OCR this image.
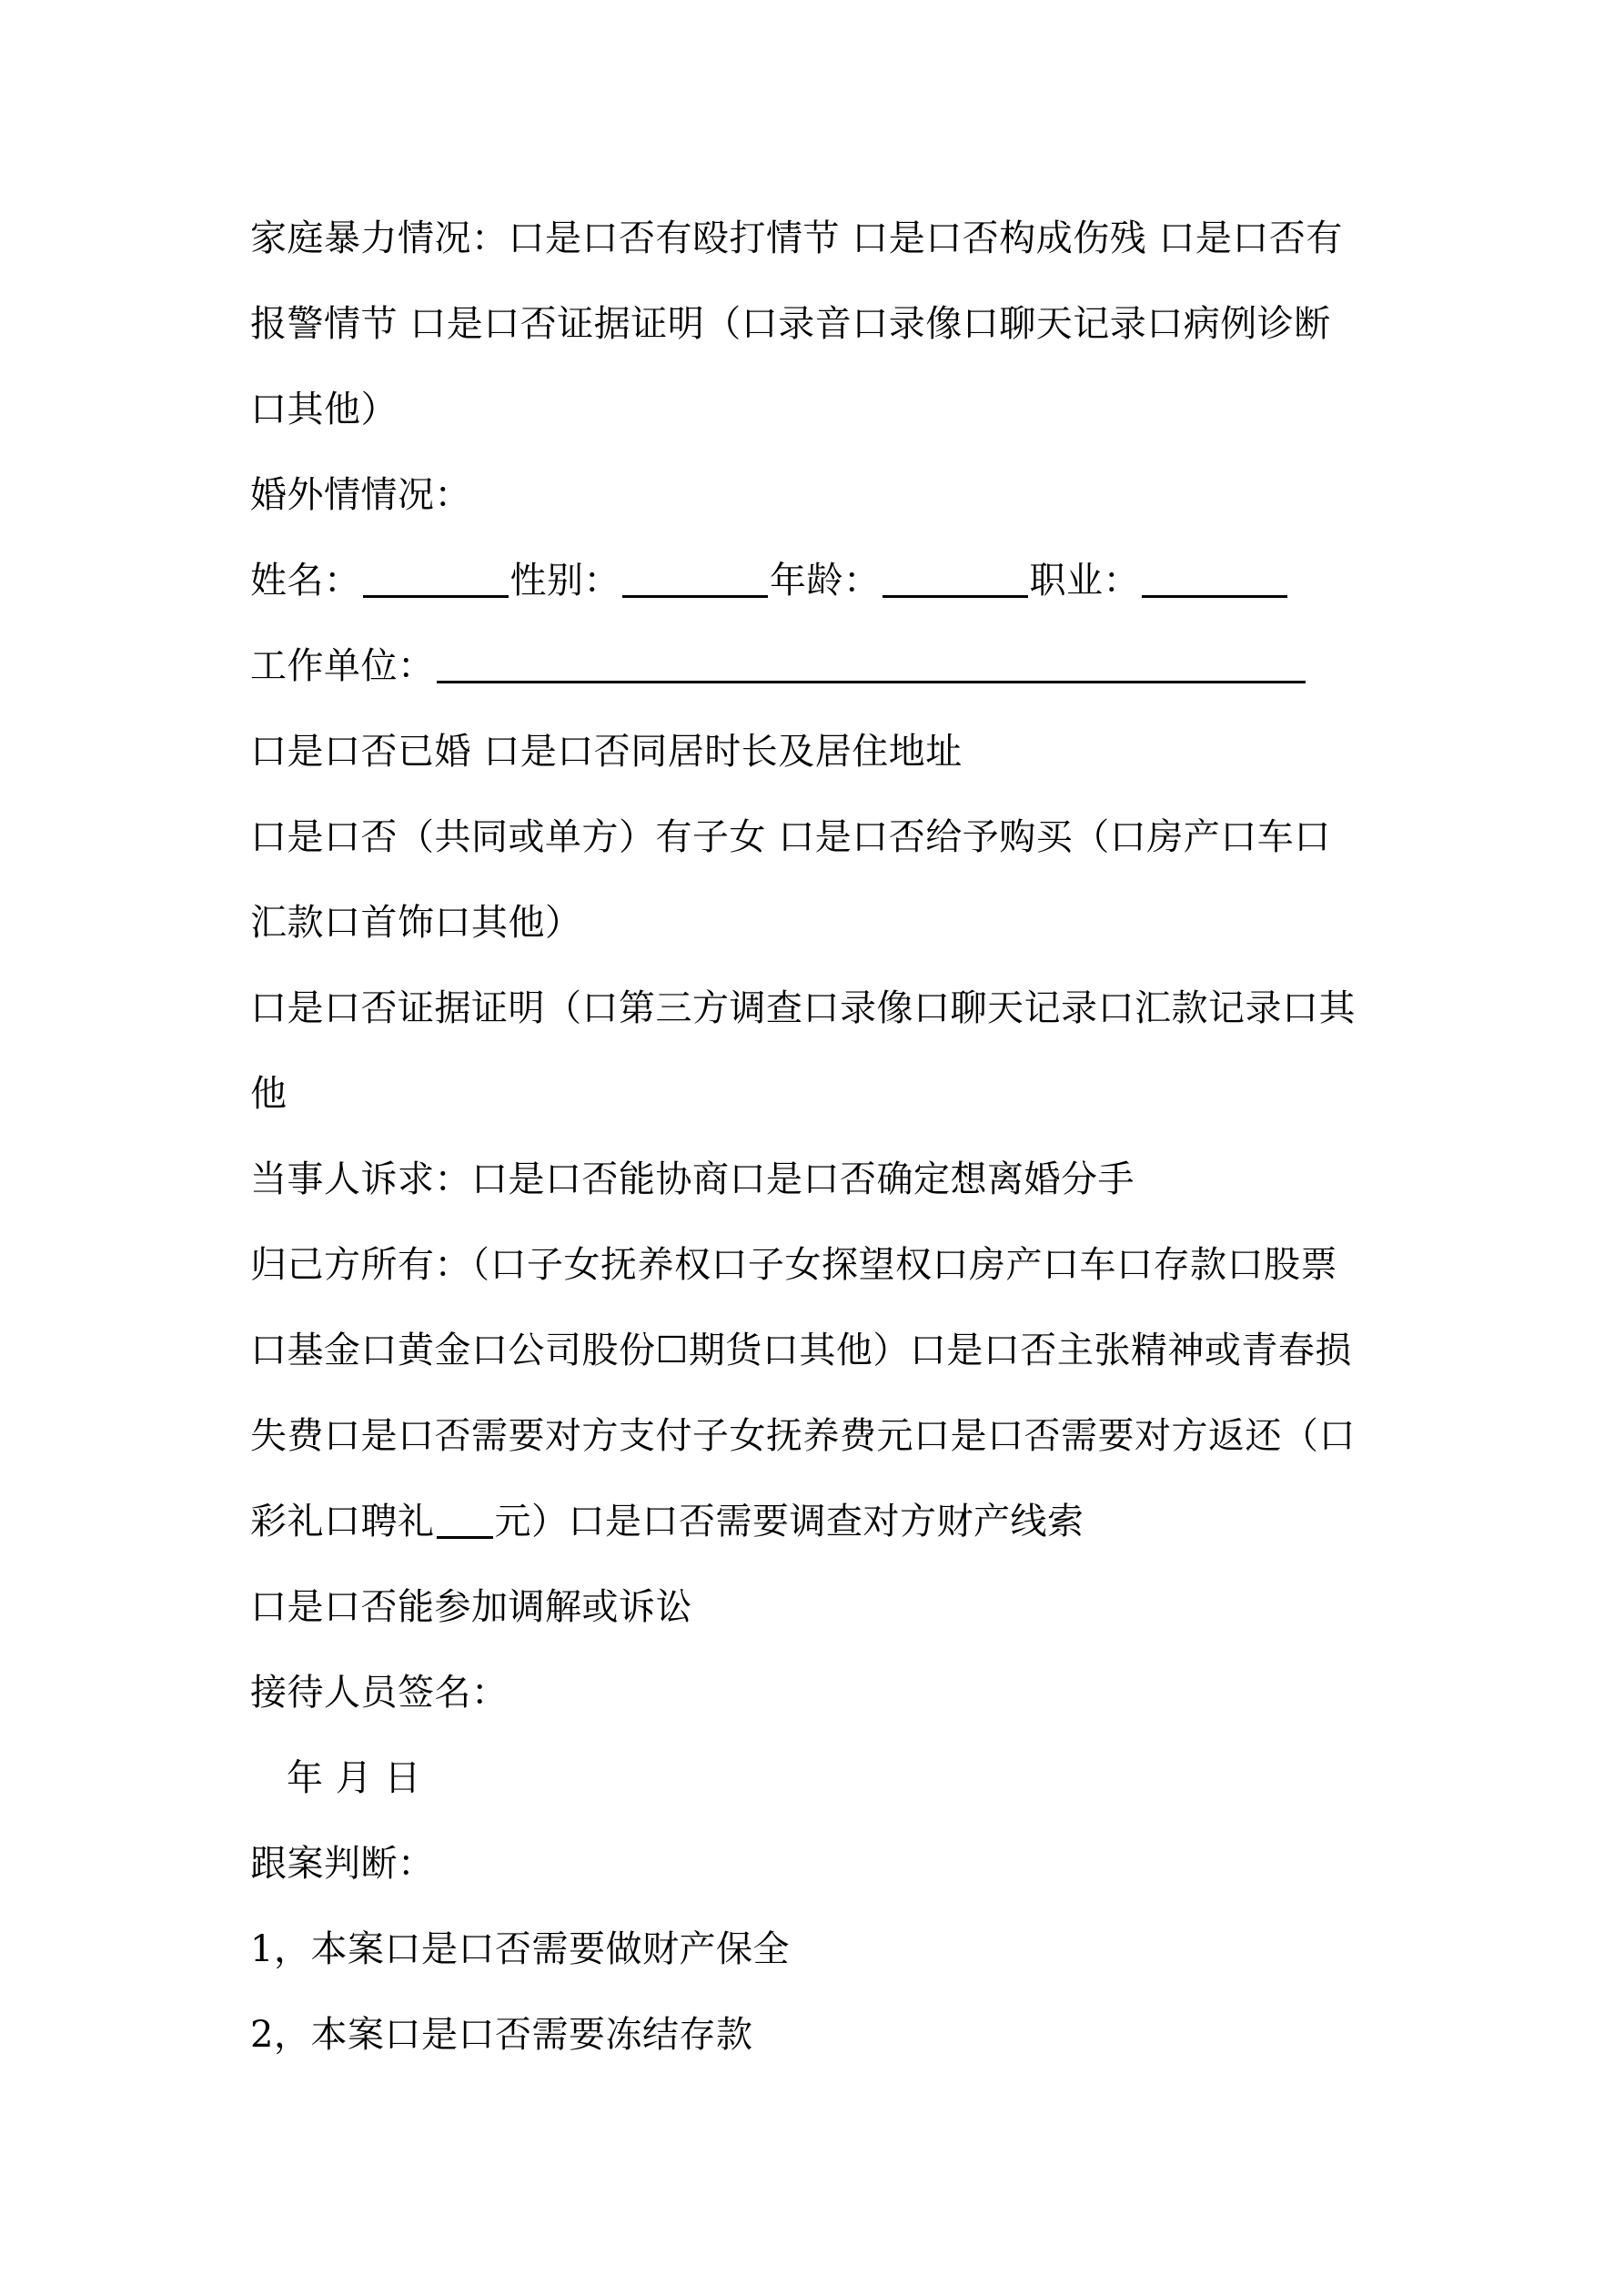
家庭暴力情况：口是口否有殴打情节 口是口否构成伤残 口是口否有
报警情节 口是口否证据证明（口录音口录像口聊天记录口病例诊断
口其他）
婚外情情况：
姓名：	性别：	年龄：	职业：
工作单位：
口是口否已婚 口是口否同居时长及居住地址
口是口否（共同或单方）有子女 口是口否给予购买（口房产口车口
汇款口首饰口其他）
口是口否证据证明（口第三方调查口录像口聊天记录口汇款记录口其
他
当事人诉求：口是口否能协商口是口否确定想离婚分手
归己方所有：（口子女抚养权口子女探望权口房产口车口存款口股票
口基金口黄金口公司股份☐期货口其他）口是口否主张精神或青春损
失费口是口否需要对方支付子女抚养费元口是口否需要对方返还（口
彩礼口聘礼 元）口是口否需要调查对方财产线索
口是口否能参加调解或诉讼
接待人员签名：
年 月 日
跟案判断：
1，本案口是口否需要做财产保全
2，本案口是口否需要冻结存款
